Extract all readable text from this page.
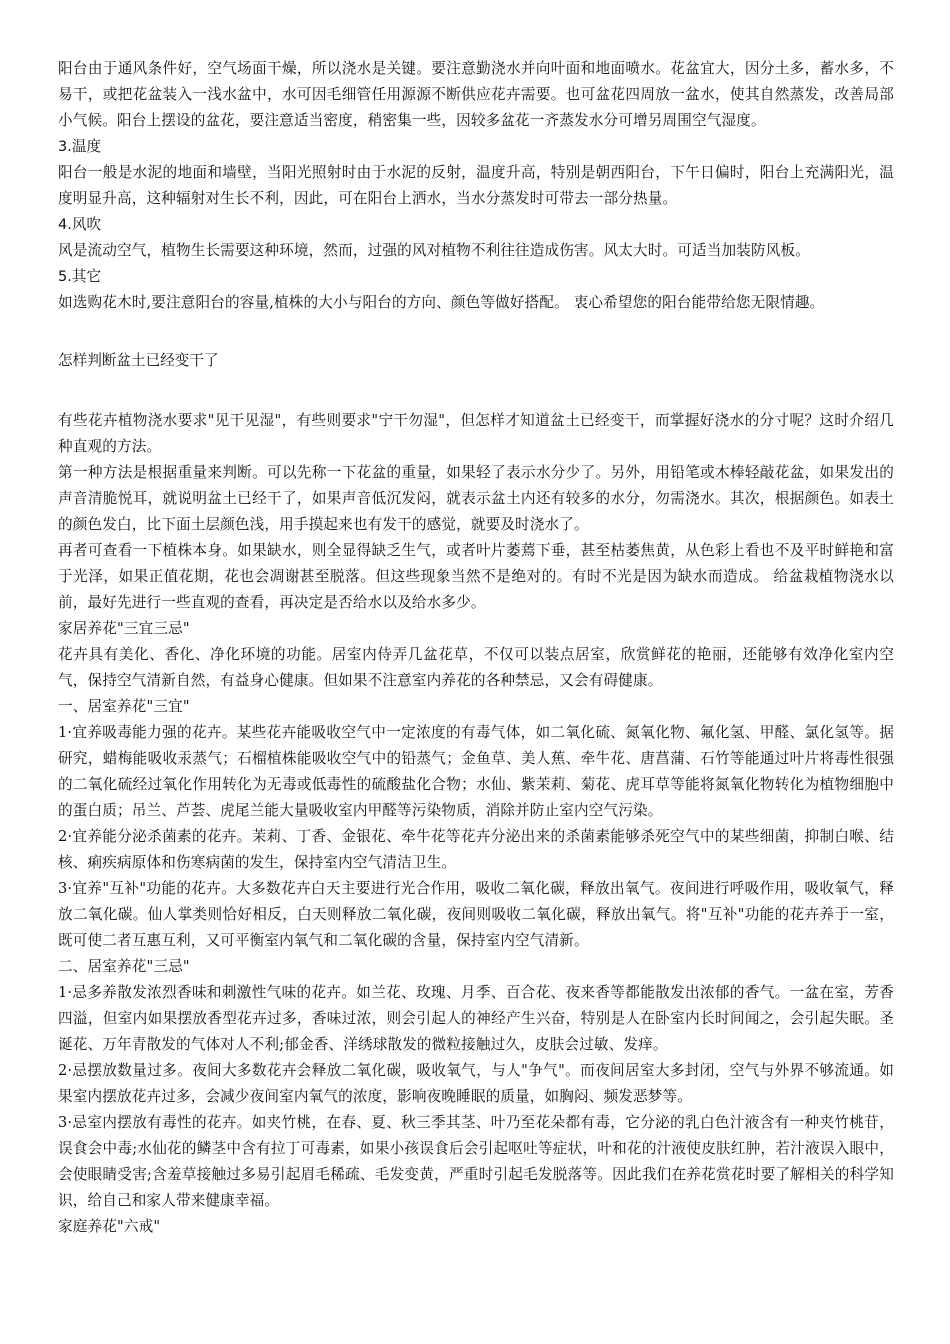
阳台由于通风条件好，空气场面干燥，所以浇水是关键。要注意勤浇水并向叶面和地面喷水。花盆宜大，因分土多，蓄水多，不易干，或把花盆装入一浅水盆中，水可因毛细管任用源源不断供应花卉需要。也可盆花四周放一盆水，使其自然蒸发，改善局部小气候。阳台上摆设的盆花，要注意适当密度，稍密集一些，因较多盆花一齐蒸发水分可增另周围空气湿度。

3.温度

阳台一般是水泥的地面和墙壁，当阳光照射时由于水泥的反射，温度升高，特别是朝西阳台，下午日偏时，阳台上充满阳光，温度明显升高，这种辐射对生长不利，因此，可在阳台上洒水，当水分蒸发时可带去一部分热量。

4.风吹

风是流动空气，植物生长需要这种环境，然而，过强的风对植物不利往往造成伤害。风太大时。可适当加装防风板。

5.其它

如选购花木时,要注意阳台的容量,植株的大小与阳台的方向、颜色等做好搭配。 衷心希望您的阳台能带给您无限情趣。

怎样判断盆土已经变干了

有些花卉植物浇水要求"见干见湿"，有些则要求"宁干勿湿"，但怎样才知道盆土已经变干，而掌握好浇水的分寸呢？这时介绍几种直观的方法。

第一种方法是根据重量来判断。可以先称一下花盆的重量，如果轻了表示水分少了。另外，用铅笔或木棒轻敲花盆，如果发出的声音清脆悦耳，就说明盆土已经干了，如果声音低沉发闷，就表示盆土内还有较多的水分，勿需浇水。其次，根据颜色。如表土的颜色发白，比下面土层颜色浅，用手摸起来也有发干的感觉，就要及时浇水了。

再者可查看一下植株本身。如果缺水，则全显得缺乏生气，或者叶片萎蔫下垂，甚至枯萎焦黄，从色彩上看也不及平时鲜艳和富于光泽，如果正值花期，花也会凋谢甚至脱落。但这些现象当然不是绝对的。有时不光是因为缺水而造成。 给盆栽植物浇水以前，最好先进行一些直观的查看，再决定是否给水以及给水多少。

家居养花"三宜三忌"

花卉具有美化、香化、净化环境的功能。居室内侍弄几盆花草，不仅可以装点居室，欣赏鲜花的艳丽，还能够有效净化室内空气，保持空气清新自然，有益身心健康。但如果不注意室内养花的各种禁忌，又会有碍健康。

一、居室养花"三宜"

1·宜养吸毒能力强的花卉。某些花卉能吸收空气中一定浓度的有毒气体，如二氧化硫、氮氧化物、氟化氢、甲醛、氯化氢等。据研究，蜡梅能吸收汞蒸气；石榴植株能吸收空气中的铅蒸气；金鱼草、美人蕉、牵牛花、唐菖蒲、石竹等能通过叶片将毒性很强的二氧化硫经过氧化作用转化为无毒或低毒性的硫酸盐化合物；水仙、紫茉莉、菊花、虎耳草等能将氮氧化物转化为植物细胞中的蛋白质；吊兰、芦荟、虎尾兰能大量吸收室内甲醛等污染物质，消除并防止室内空气污染。

2·宜养能分泌杀菌素的花卉。茉莉、丁香、金银花、牵牛花等花卉分泌出来的杀菌素能够杀死空气中的某些细菌，抑制白喉、结核、痢疾病原体和伤寒病菌的发生，保持室内空气清洁卫生。

3·宜养"互补"功能的花卉。大多数花卉白天主要进行光合作用，吸收二氧化碳，释放出氧气。夜间进行呼吸作用，吸收氧气，释放二氧化碳。仙人掌类则恰好相反，白天则释放二氧化碳，夜间则吸收二氧化碳，释放出氧气。将"互补"功能的花卉养于一室，既可使二者互惠互利，又可平衡室内氧气和二氧化碳的含量，保持室内空气清新。

二、居室养花"三忌"

1·忌多养散发浓烈香味和刺激性气味的花卉。如兰花、玫瑰、月季、百合花、夜来香等都能散发出浓郁的香气。一盆在室，芳香四溢，但室内如果摆放香型花卉过多，香味过浓，则会引起人的神经产生兴奋，特别是人在卧室内长时间闻之，会引起失眠。圣诞花、万年青散发的气体对人不利;郁金香、洋绣球散发的微粒接触过久，皮肤会过敏、发痒。

2·忌摆放数量过多。夜间大多数花卉会释放二氧化碳，吸收氧气，与人"争气"。而夜间居室大多封闭，空气与外界不够流通。如果室内摆放花卉过多，会减少夜间室内氧气的浓度，影响夜晚睡眠的质量，如胸闷、频发恶梦等。

3·忌室内摆放有毒性的花卉。如夹竹桃，在春、夏、秋三季其茎、叶乃至花朵都有毒，它分泌的乳白色汁液含有一种夹竹桃苷，误食会中毒;水仙花的鳞茎中含有拉丁可毒素，如果小孩误食后会引起呕吐等症状，叶和花的汁液使皮肤红肿，若汁液误入眼中，会使眼睛受害;含羞草接触过多易引起眉毛稀疏、毛发变黄，严重时引起毛发脱落等。因此我们在养花赏花时要了解相关的科学知识，给自己和家人带来健康幸福。

家庭养花"六戒"
